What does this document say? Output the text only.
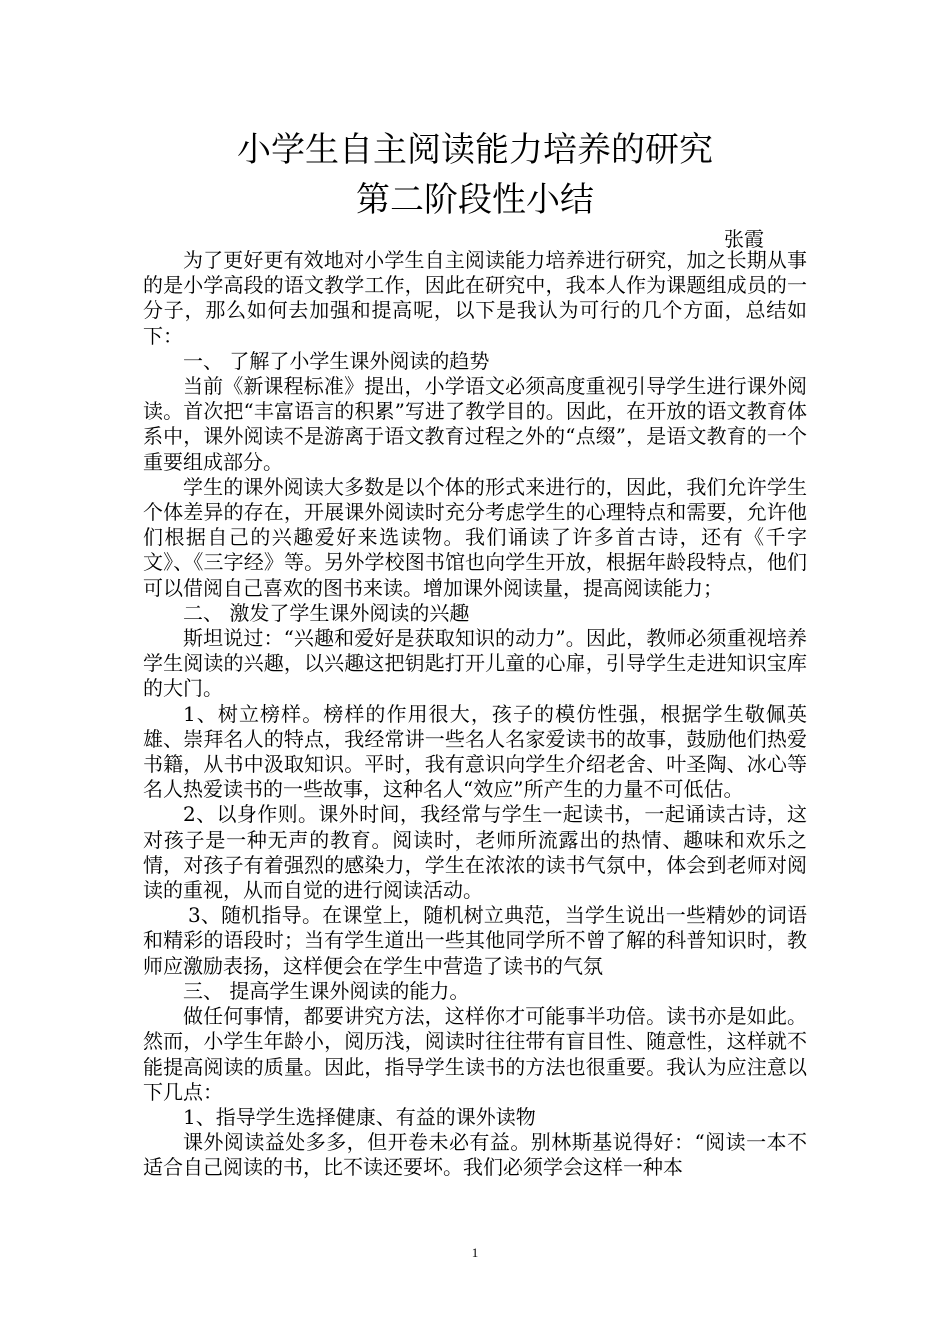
小学生自主阅读能力培养的研究
第二阶段性小结
张霞

为了更好更有效地对小学生自主阅读能力培养进行研究，加之长期从事的是小学高段的语文教学工作，因此在研究中，我本人作为课题组成员的一分子，那么如何去加强和提高呢，以下是我认为可行的几个方面，总结如下：

一、 了解了小学生课外阅读的趋势

当前《新课程标准》提出，小学语文必须高度重视引导学生进行课外阅读。首次把“丰富语言的积累”写进了教学目的。因此，在开放的语文教育体系中，课外阅读不是游离于语文教育过程之外的“点缀”，是语文教育的一个重要组成部分。

学生的课外阅读大多数是以个体的形式来进行的，因此，我们允许学生个体差异的存在，开展课外阅读时充分考虑学生的心理特点和需要，允许他们根据自己的兴趣爱好来选读物。我们诵读了许多首古诗，还有《千字文》、《三字经》等。另外学校图书馆也向学生开放，根据年龄段特点，他们可以借阅自己喜欢的图书来读。增加课外阅读量，提高阅读能力；

二、 激发了学生课外阅读的兴趣

斯坦说过：“兴趣和爱好是获取知识的动力”。因此，教师必须重视培养学生阅读的兴趣，以兴趣这把钥匙打开儿童的心扉，引导学生走进知识宝库的大门。

1、树立榜样。榜样的作用很大，孩子的模仿性强，根据学生敬佩英雄、崇拜名人的特点，我经常讲一些名人名家爱读书的故事，鼓励他们热爱书籍，从书中汲取知识。平时，我有意识向学生介绍老舍、叶圣陶、冰心等名人热爱读书的一些故事，这种名人“效应”所产生的力量不可低估。

2、以身作则。课外时间，我经常与学生一起读书，一起诵读古诗，这对孩子是一种无声的教育。阅读时，老师所流露出的热情、趣味和欢乐之情，对孩子有着强烈的感染力，学生在浓浓的读书气氛中，体会到老师对阅读的重视，从而自觉的进行阅读活动。

3、随机指导。在课堂上，随机树立典范，当学生说出一些精妙的词语和精彩的语段时；当有学生道出一些其他同学所不曾了解的科普知识时，教师应激励表扬，这样便会在学生中营造了读书的气氛

三、 提高学生课外阅读的能力。

做任何事情，都要讲究方法，这样你才可能事半功倍。读书亦是如此。然而，小学生年龄小，阅历浅，阅读时往往带有盲目性、随意性，这样就不能提高阅读的质量。因此，指导学生读书的方法也很重要。我认为应注意以下几点：

1、指导学生选择健康、有益的课外读物

课外阅读益处多多，但开卷未必有益。别林斯基说得好：“阅读一本不适合自己阅读的书，比不读还要坏。我们必须学会这样一种本

1
